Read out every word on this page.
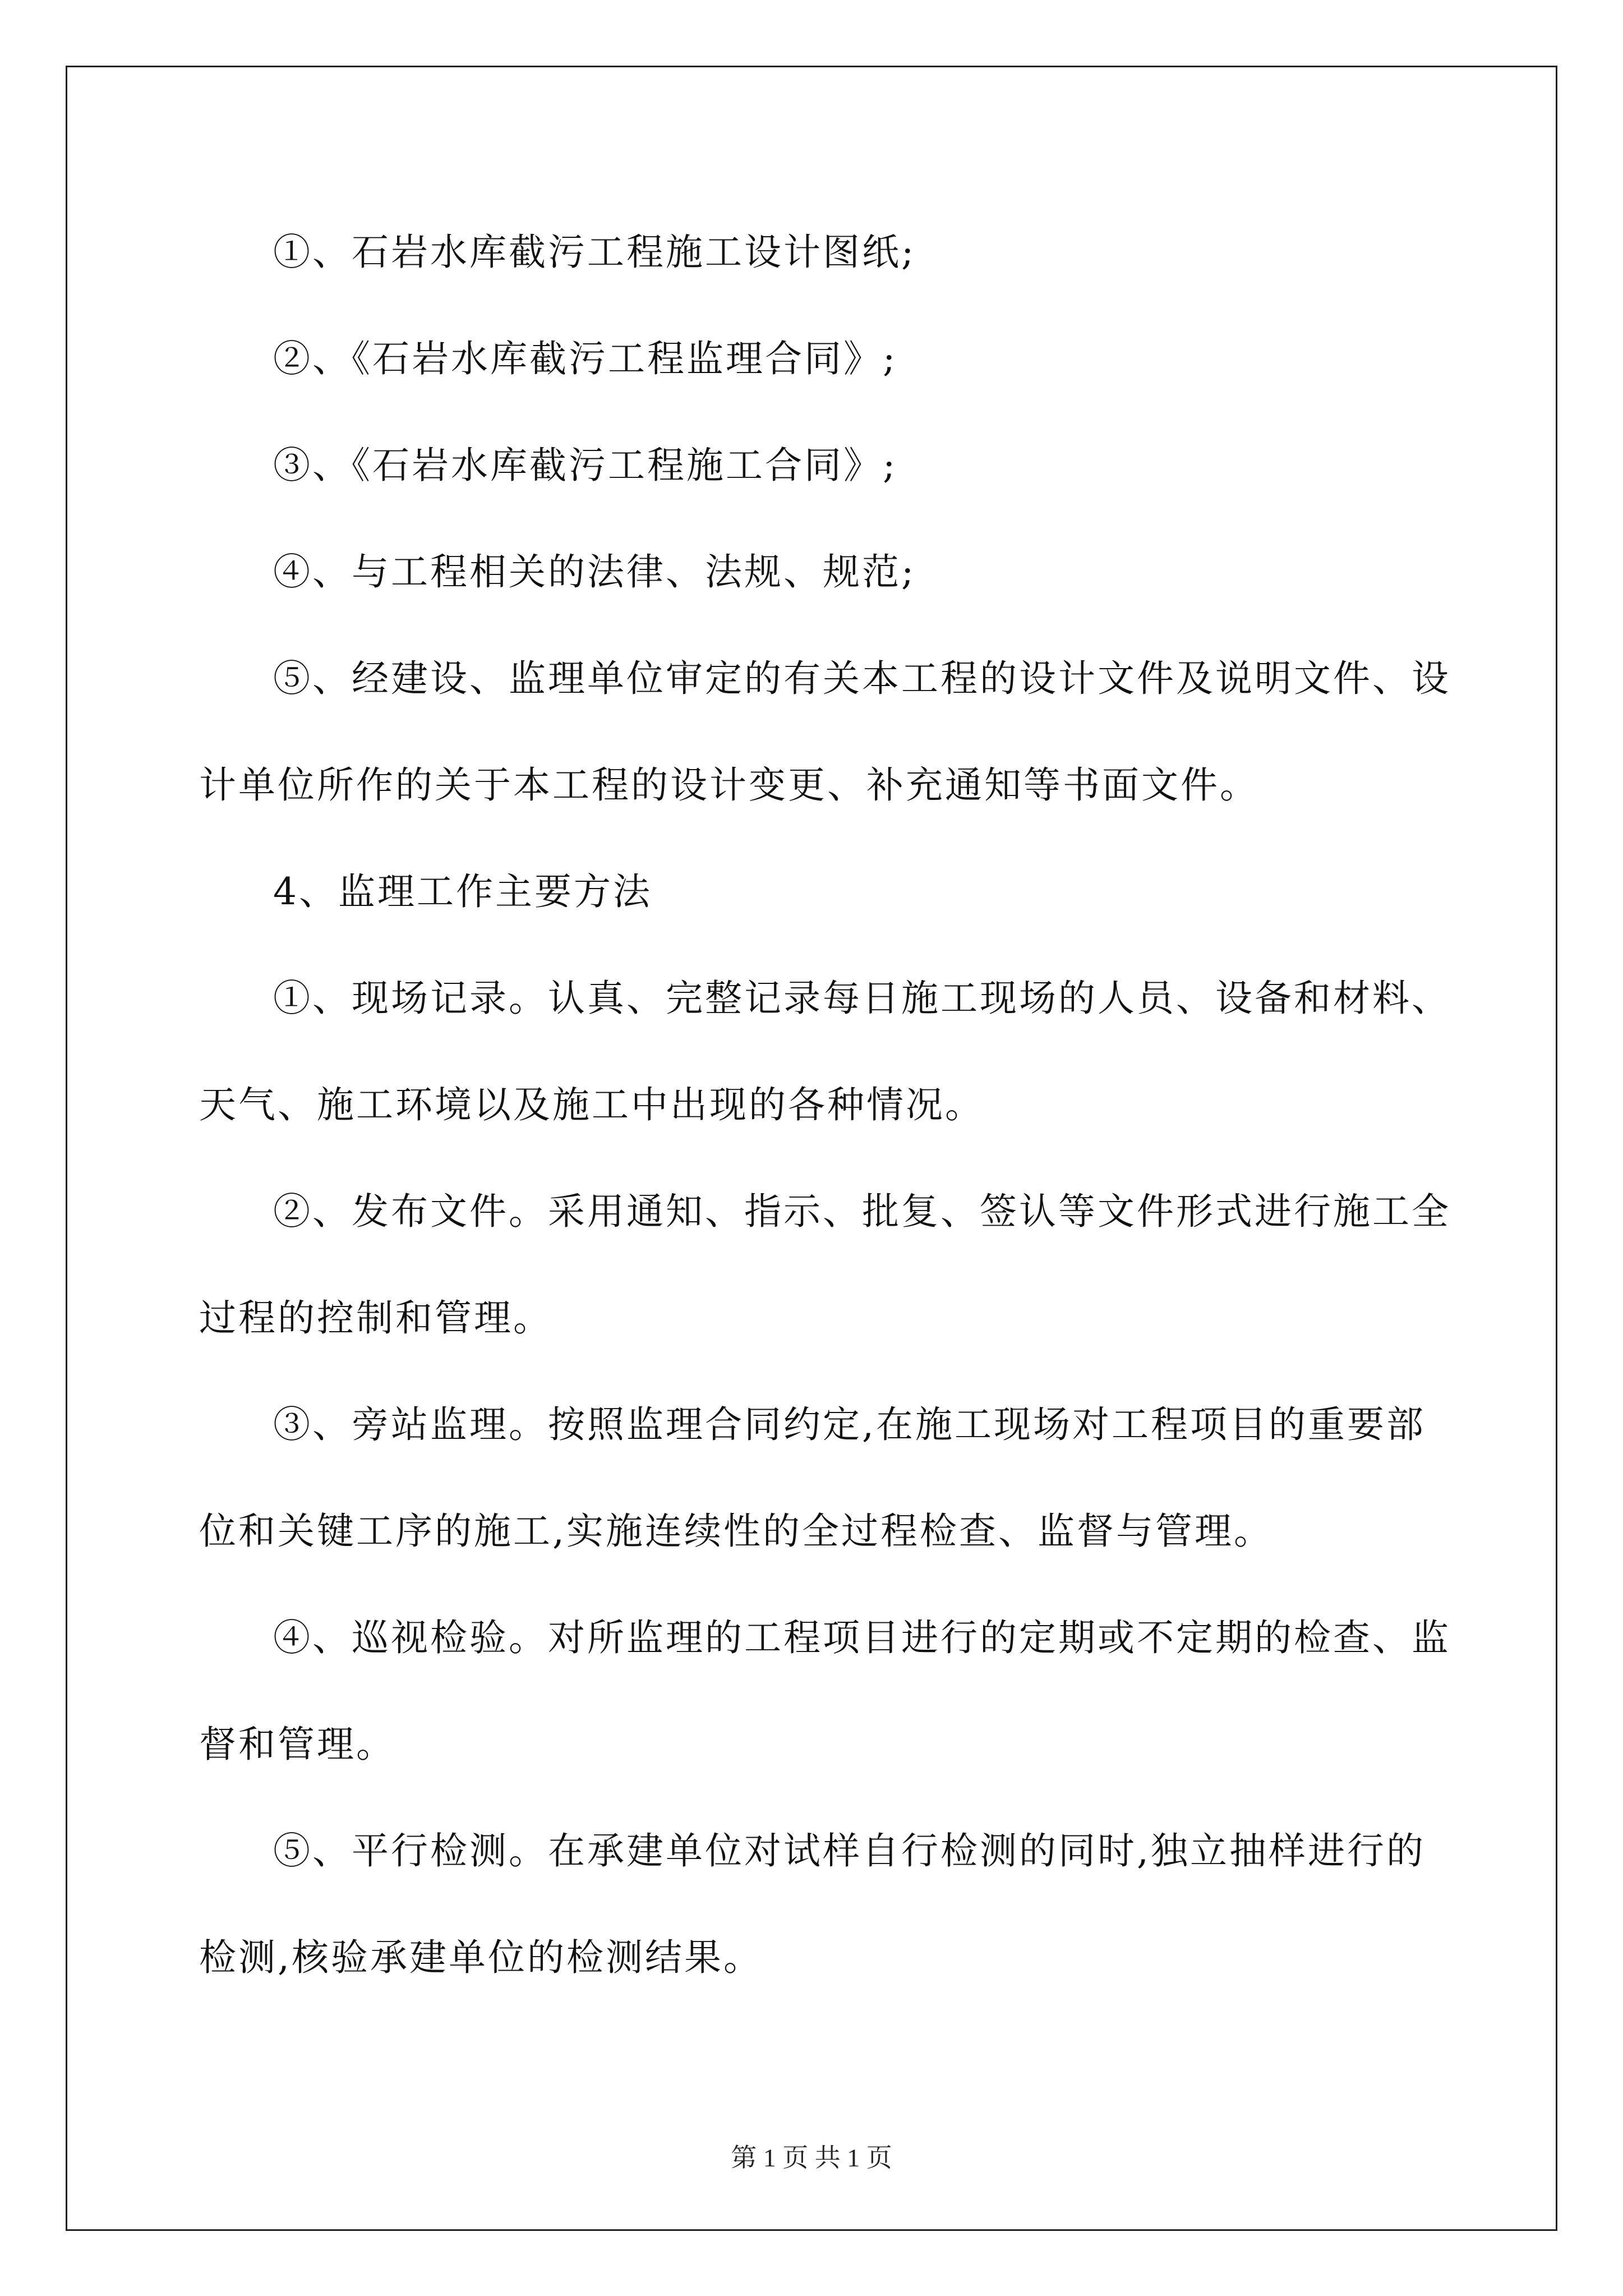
①、石岩水库截污工程施工设计图纸;

②、《石岩水库截污工程监理合同》;

③、《石岩水库截污工程施工合同》;

④、与工程相关的法律、法规、规范;

⑤、经建设、监理单位审定的有关本工程的设计文件及说明文件、设计单位所作的关于本工程的设计变更、补充通知等书面文件。

4、监理工作主要方法

①、现场记录。认真、完整记录每日施工现场的人员、设备和材料、天气、施工环境以及施工中出现的各种情况。

②、发布文件。采用通知、指示、批复、签认等文件形式进行施工全过程的控制和管理。

③、旁站监理。按照监理合同约定,在施工现场对工程项目的重要部位和关键工序的施工,实施连续性的全过程检查、监督与管理。

④、巡视检验。对所监理的工程项目进行的定期或不定期的检查、监督和管理。

⑤、平行检测。在承建单位对试样自行检测的同时,独立抽样进行的检测,核验承建单位的检测结果。

第 1 页 共 1 页
